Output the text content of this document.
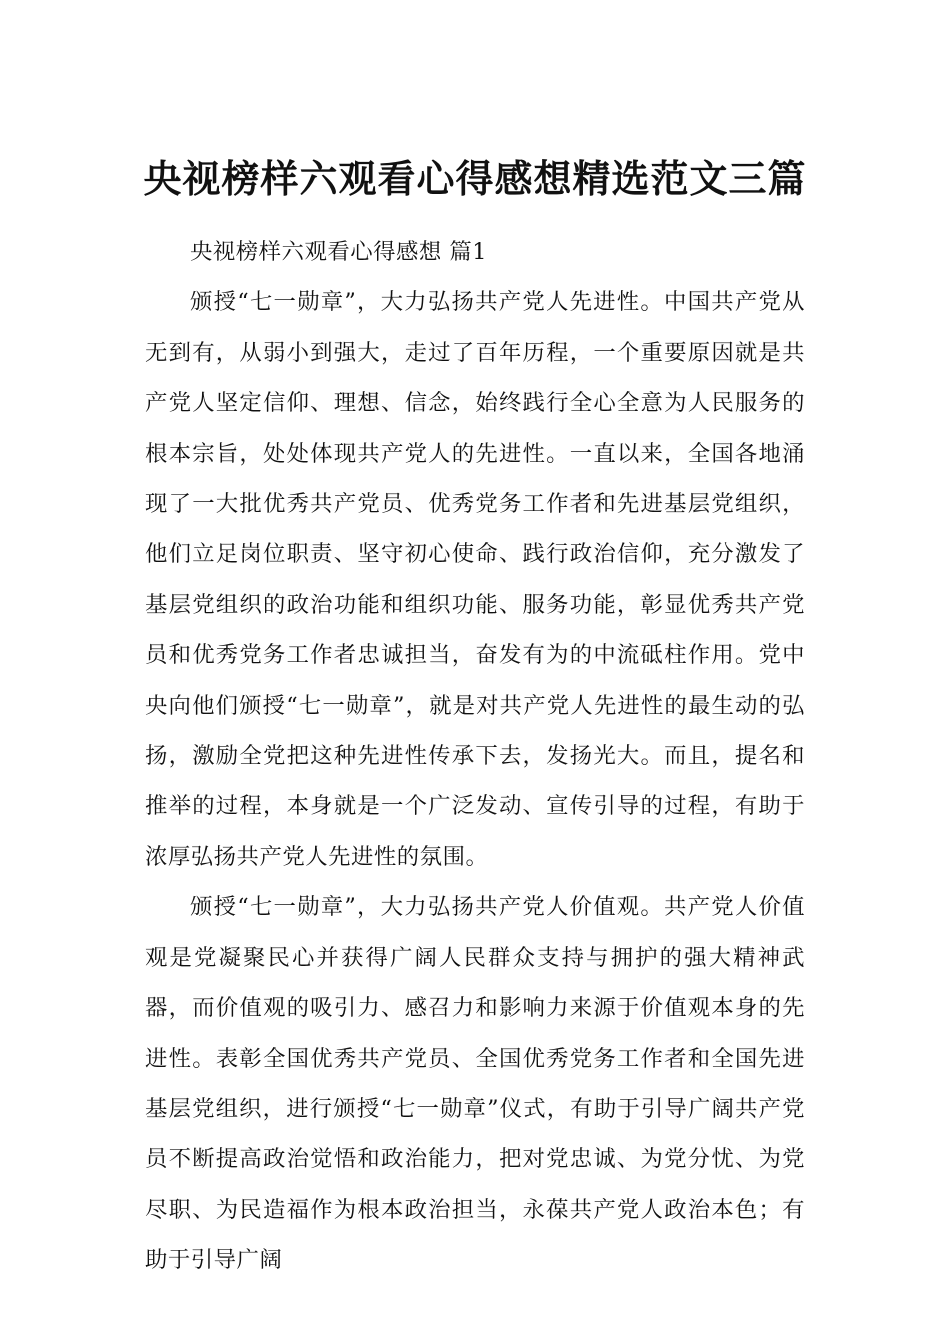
央视榜样六观看心得感想精选范文三篇

央视榜样六观看心得感想 篇1

颁授“七一勋章”，大力弘扬共产党人先进性。中国共产党从无到有，从弱小到强大，走过了百年历程，一个重要原因就是共产党人坚定信仰、理想、信念，始终践行全心全意为人民服务的根本宗旨，处处体现共产党人的先进性。一直以来，全国各地涌现了一大批优秀共产党员、优秀党务工作者和先进基层党组织，他们立足岗位职责、坚守初心使命、践行政治信仰，充分激发了基层党组织的政治功能和组织功能、服务功能，彰显优秀共产党员和优秀党务工作者忠诚担当，奋发有为的中流砥柱作用。党中央向他们颁授“七一勋章”，就是对共产党人先进性的最生动的弘扬，激励全党把这种先进性传承下去，发扬光大。而且，提名和推举的过程，本身就是一个广泛发动、宣传引导的过程，有助于浓厚弘扬共产党人先进性的氛围。

颁授“七一勋章”，大力弘扬共产党人价值观。共产党人价值观是党凝聚民心并获得广阔人民群众支持与拥护的强大精神武器，而价值观的吸引力、感召力和影响力来源于价值观本身的先进性。表彰全国优秀共产党员、全国优秀党务工作者和全国先进基层党组织，进行颁授“七一勋章”仪式，有助于引导广阔共产党员不断提高政治觉悟和政治能力，把对党忠诚、为党分忧、为党尽职、为民造福作为根本政治担当，永葆共产党人政治本色；有助于引导广阔
